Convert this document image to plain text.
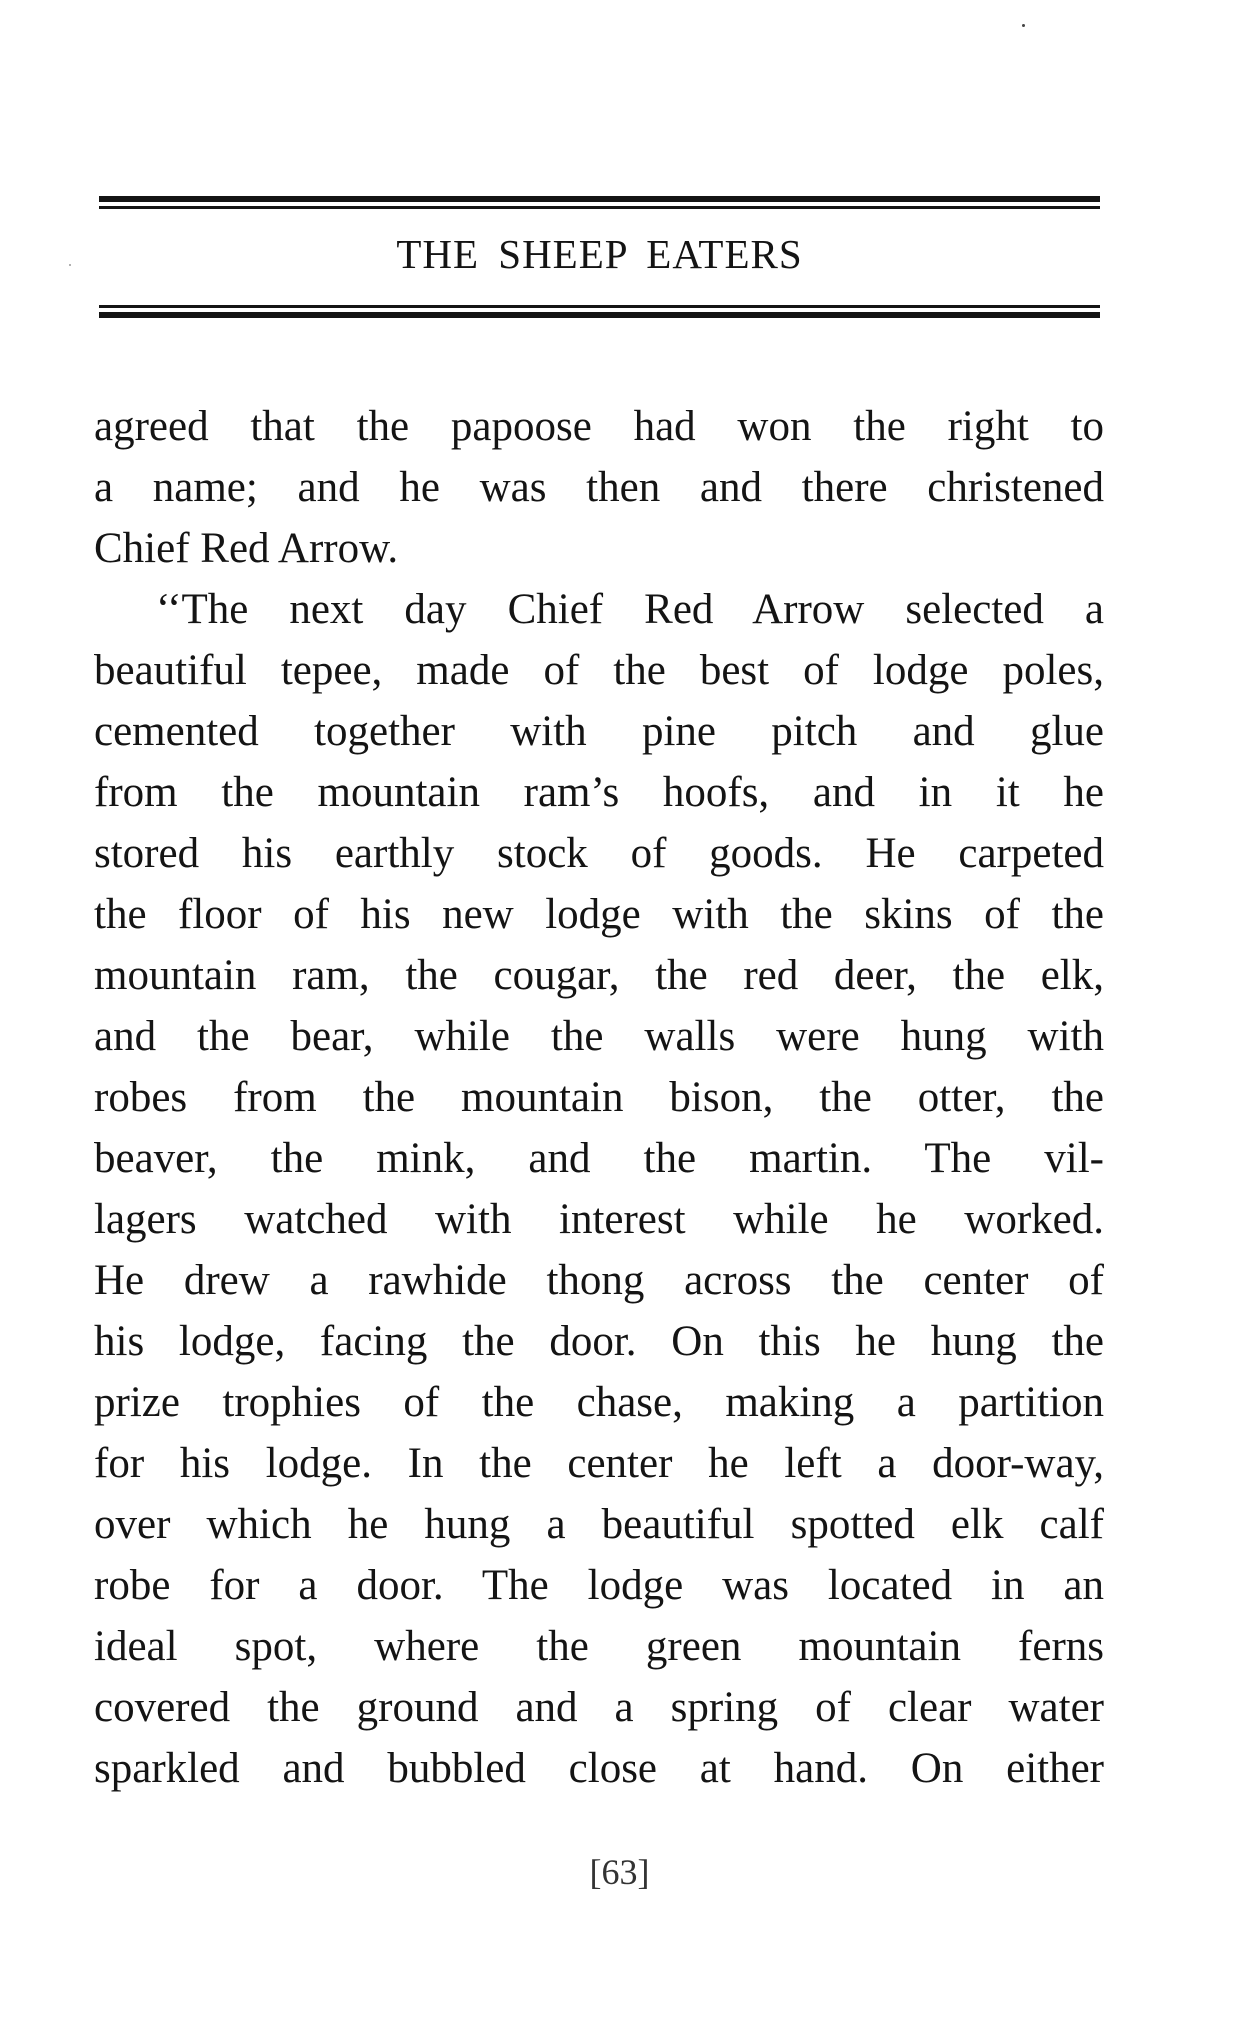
THE SHEEP EATERS
agreed that the papoose had won the right to
a name; and he was then and there christened
Chief Red Arrow.
‘‘The next day Chief Red Arrow selected a
beautiful tepee, made of the best of lodge poles,
cemented together with pine pitch and glue
from the mountain ram’s hoofs, and in it he
stored his earthly stock of goods. He carpeted
the floor of his new lodge with the skins of the
mountain ram, the cougar, the red deer, the elk,
and the bear, while the walls were hung with
robes from the mountain bison, the otter, the
beaver, the mink, and the martin. The vil-
lagers watched with interest while he worked.
He drew a rawhide thong across the center of
his lodge, facing the door. On this he hung the
prize trophies of the chase, making a partition
for his lodge. In the center he left a door-way,
over which he hung a beautiful spotted elk calf
robe for a door. The lodge was located in an
ideal spot, where the green mountain ferns
covered the ground and a spring of clear water
sparkled and bubbled close at hand. On either
[63]
